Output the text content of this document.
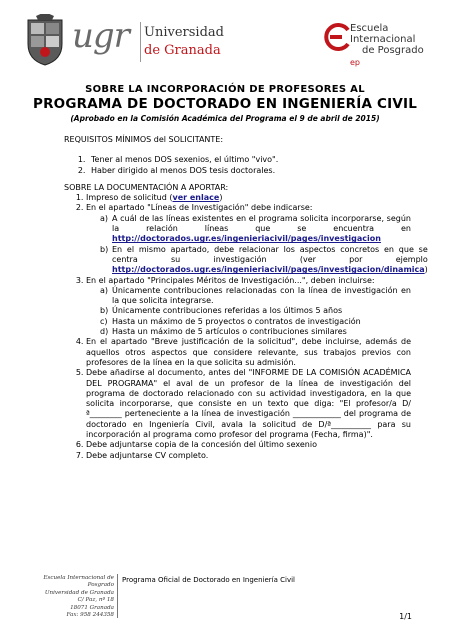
ugr Universidad
de Granada
Escuela
Internacional
de Posgrado
ep
SOBRE LA INCORPORACIÓN DE PROFESORES AL
PROGRAMA DE DOCTORADO EN INGENIERÍA CIVIL
(Aprobado en la Comisión Académica del Programa el 9 de abril de 2015)

REQUISITOS MÍNIMOS del SOLICITANTE:

1. Tener al menos DOS sexenios, el último "vivo".
2. Haber dirigido al menos DOS tesis doctorales.

SOBRE LA DOCUMENTACIÓN A APORTAR:

1. Impreso de solicitud (ver enlace)
2. En el apartado "Líneas de Investigación" debe indicarse:
a) A cuál de las líneas existentes en el programa solicita incorporarse, según la relación líneas que se encuentra en http://doctorados.ugr.es/ingenieriacivil/pages/investigacion
b) En el mismo apartado, debe relacionar los aspectos concretos en que se centra su investigación (ver por ejemplo http://doctorados.ugr.es/ingenieriacivil/pages/investigacion/dinamica)
3. En el apartado "Principales Méritos de Investigación...", deben incluirse:
a) Únicamente contribuciones relacionadas con la línea de investigación en la que solicita integrarse.
b) Únicamente contribuciones referidas a los últimos 5 años
c) Hasta un máximo de 5 proyectos o contratos de investigación
d) Hasta un máximo de 5 artículos o contribuciones similares
4. En el apartado "Breve justificación de la solicitud", debe incluirse, además de aquellos otros aspectos que considere relevante, sus trabajos previos con profesores de la línea en la que solicita su admisión.
5. Debe añadirse al documento, antes del "INFORME DE LA COMISIÓN ACADÉMICA DEL PROGRAMA" el aval de un profesor de la línea de investigación del programa de doctorado relacionado con su actividad investigadora, en la que solicita incorporarse, que consiste en un texto que diga: "El profesor/a D/ª________ perteneciente a la línea de investigación ____________ del programa de doctorado en Ingeniería Civil, avala la solicitud de D/ª__________ para su incorporación al programa como profesor del programa (Fecha, firma)".
6. Debe adjuntarse copia de la concesión del último sexenio
7. Debe adjuntarse CV completo.
Escuela Internacional de Posgrado
Universidad de Granada
C/ Paz, nº 18
18071 Granada
Fax: 958 244358
Programa Oficial de Doctorado en Ingeniería Civil
1/1
